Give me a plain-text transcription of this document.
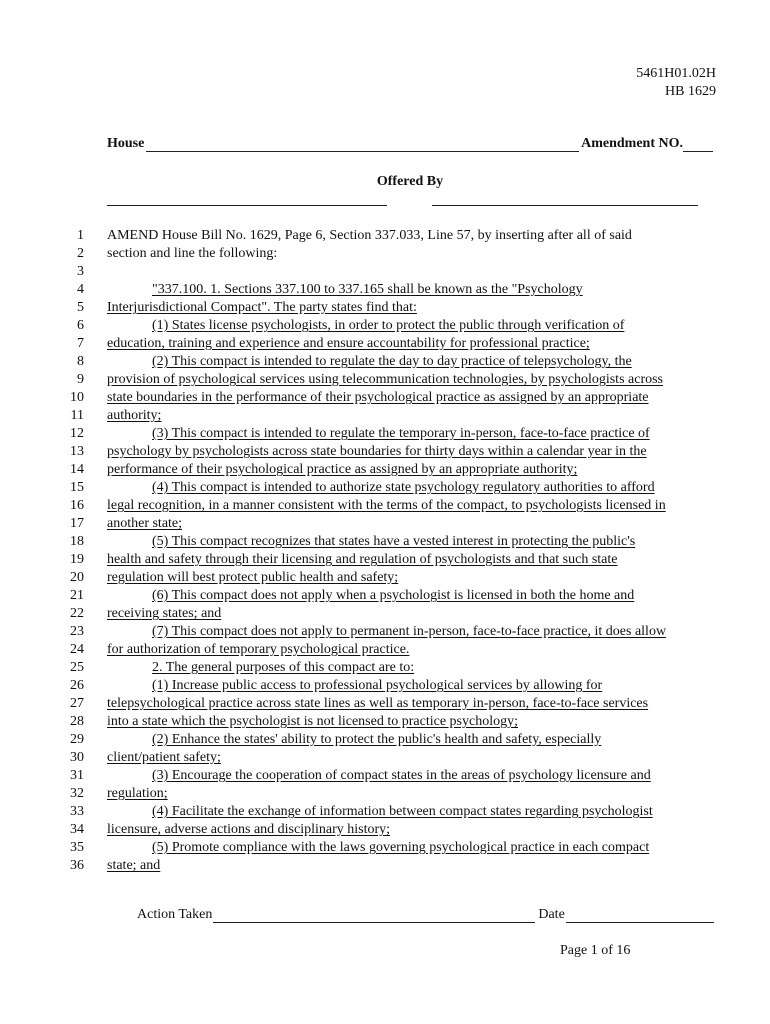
5461H01.02H
HB 1629
House	Amendment NO.
Offered By
1 AMEND House Bill No. 1629, Page 6, Section 337.033, Line 57, by inserting after all of said
2 section and line the following:
3
4	"337.100. 1. Sections 337.100 to 337.165 shall be known as the "Psychology
5 Interjurisdictional Compact". The party states find that:
6	(1) States license psychologists, in order to protect the public through verification of
7 education, training and experience and ensure accountability for professional practice;
8	(2) This compact is intended to regulate the day to day practice of telepsychology, the
9 provision of psychological services using telecommunication technologies, by psychologists across
10 state boundaries in the performance of their psychological practice as assigned by an appropriate
11 authority;
12	(3) This compact is intended to regulate the temporary in-person, face-to-face practice of
13 psychology by psychologists across state boundaries for thirty days within a calendar year in the
14 performance of their psychological practice as assigned by an appropriate authority;
15	(4) This compact is intended to authorize state psychology regulatory authorities to afford
16 legal recognition, in a manner consistent with the terms of the compact, to psychologists licensed in
17 another state;
18	(5) This compact recognizes that states have a vested interest in protecting the public's
19 health and safety through their licensing and regulation of psychologists and that such state
20 regulation will best protect public health and safety;
21	(6) This compact does not apply when a psychologist is licensed in both the home and
22 receiving states; and
23	(7) This compact does not apply to permanent in-person, face-to-face practice, it does allow
24 for authorization of temporary psychological practice.
25	2. The general purposes of this compact are to:
26	(1) Increase public access to professional psychological services by allowing for
27 telepsychological practice across state lines as well as temporary in-person, face-to-face services
28 into a state which the psychologist is not licensed to practice psychology;
29	(2) Enhance the states' ability to protect the public's health and safety, especially
30 client/patient safety;
31	(3) Encourage the cooperation of compact states in the areas of psychology licensure and
32 regulation;
33	(4) Facilitate the exchange of information between compact states regarding psychologist
34 licensure, adverse actions and disciplinary history;
35	(5) Promote compliance with the laws governing psychological practice in each compact
36 state; and
Action Taken	Date
Page 1 of 16
